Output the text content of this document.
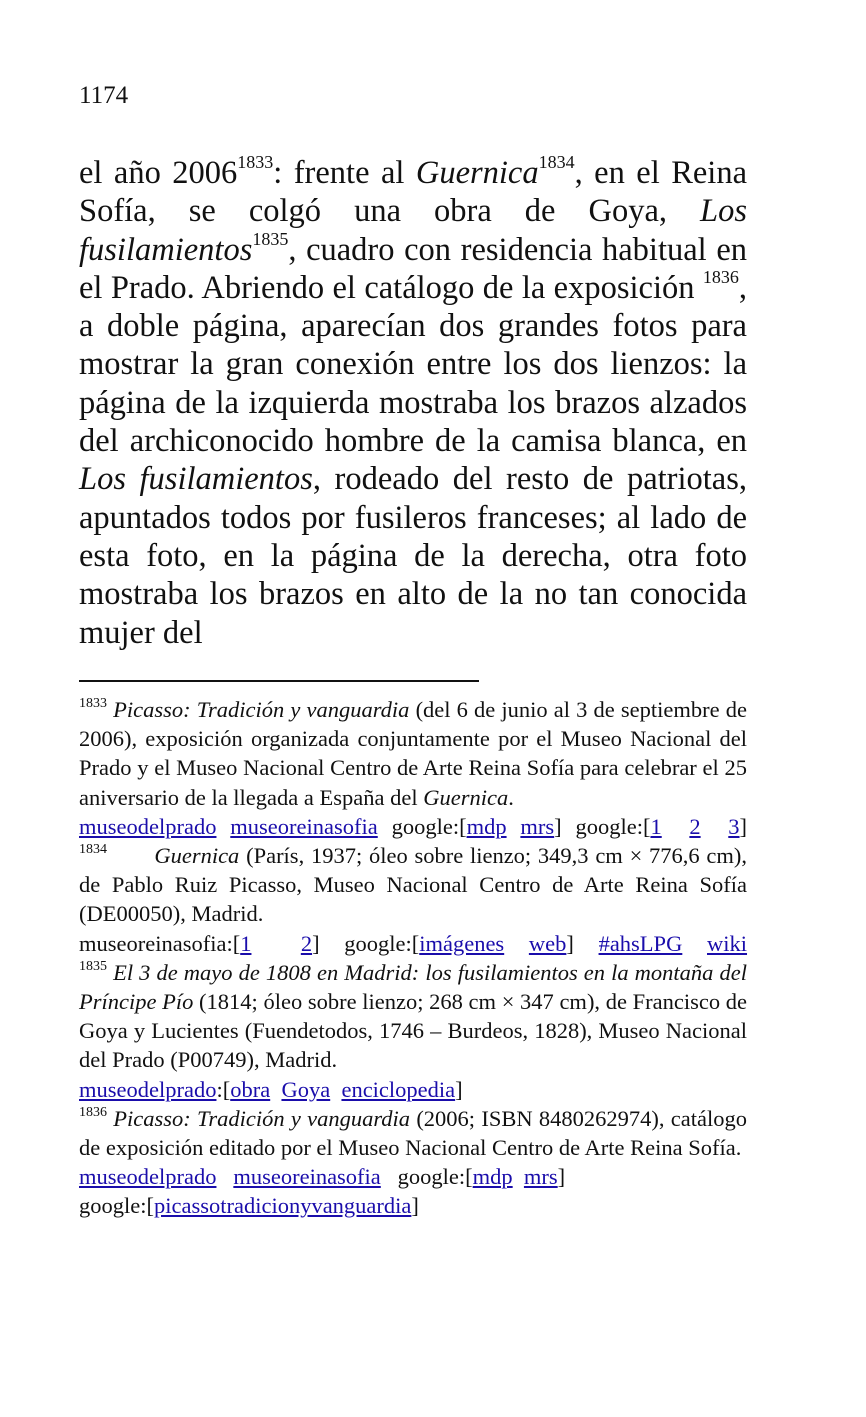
1174
el año $2006^{1833}$: frente al Guernica$^{1834}$, en el Reina Sofía, se colgó una obra de Goya, Los fusilamientos$^{1835}$, cuadro con residencia habitual en el Prado. Abriendo el catálogo de la exposición $^{1836}$, a doble página, aparecían dos grandes fotos para mostrar la gran conexión entre los dos lienzos: la página de la izquierda mostraba los brazos alzados del archiconocido hombre de la camisa blanca, en Los fusilamientos, rodeado del resto de patriotas, apuntados todos por fusileros franceses; al lado de esta foto, en la página de la derecha, otra foto mostraba los brazos en alto de la no tan conocida mujer del
$^{1833}$ Picasso: Tradición y vanguardia (del 6 de junio al 3 de septiembre de 2006), exposición organizada conjuntamente por el Museo Nacional del Prado y el Museo Nacional Centro de Arte Reina Sofía para celebrar el 25 aniversario de la llegada a España del Guernica.
museodelprado museoreinasofia google:[mdp mrs] google:[1 2 3]
$^{1834}$ Guernica (París, 1937; óleo sobre lienzo; 349,3 cm × 776,6 cm), de Pablo Ruiz Picasso, Museo Nacional Centro de Arte Reina Sofía (DE00050), Madrid.
museoreinasofia:[1 2] google:[imágenes web] #ahsLPG wiki
$^{1835}$ El 3 de mayo de 1808 en Madrid: los fusilamientos en la montaña del Príncipe Pío (1814; óleo sobre lienzo; 268 cm × 347 cm), de Francisco de Goya y Lucientes (Fuendetodos, 1746 – Burdeos, 1828), Museo Nacional del Prado (P00749), Madrid.
museodelprado:[obra Goya enciclopedia]
$^{1836}$ Picasso: Tradición y vanguardia (2006; ISBN 8480262974), catálogo de exposición editado por el Museo Nacional Centro de Arte Reina Sofía.
museodelprado museoreinasofia google:[mdp mrs]
google:[picassotradicionyvanguardia]
